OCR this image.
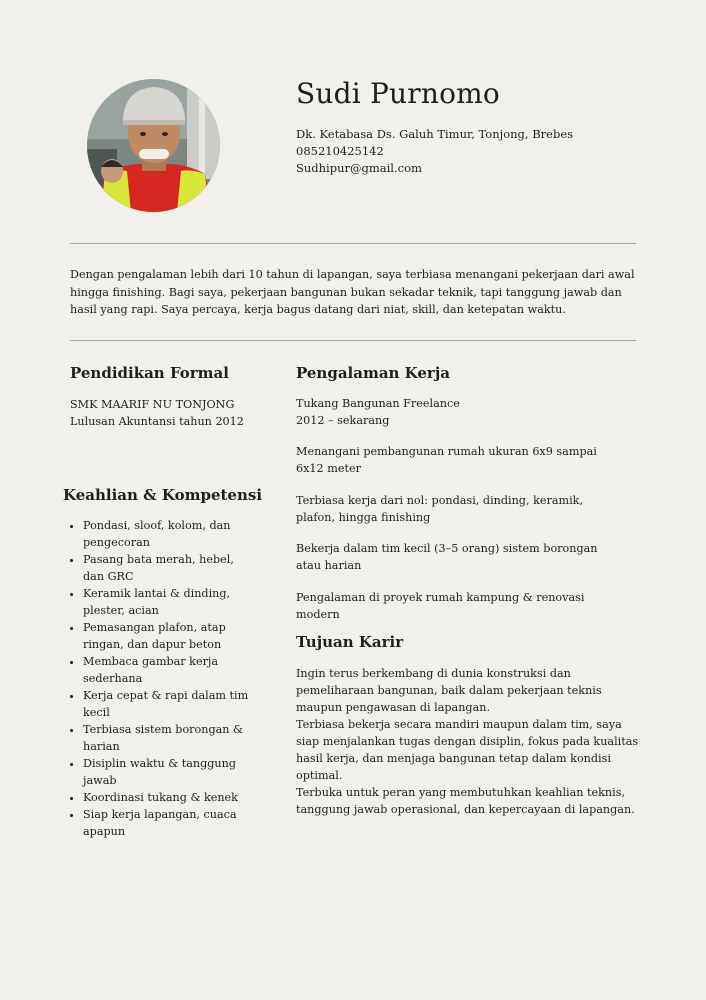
Sudi Purnomo
Dk. Ketabasa Ds. Galuh Timur, Tonjong, Brebes
085210425142
Sudhipur@gmail.com
Dengan pengalaman lebih dari 10 tahun di lapangan, saya terbiasa menangani pekerjaan dari awal hingga finishing. Bagi saya, pekerjaan bangunan bukan sekadar teknik, tapi tanggung jawab dan hasil yang rapi. Saya percaya, kerja bagus datang dari niat, skill, dan ketepatan waktu.
Pendidikan Formal
SMK MAARIF NU TONJONG
Lulusan Akuntansi tahun 2012
Keahlian & Kompetensi
• Pondasi, sloof, kolom, dan pengecoran
• Pasang bata merah, hebel, dan GRC
• Keramik lantai & dinding, plester, acian
• Pemasangan plafon, atap ringan, dan dapur beton
• Membaca gambar kerja sederhana
• Kerja cepat & rapi dalam tim kecil
• Terbiasa sistem borongan & harian
• Disiplin waktu & tanggung jawab
• Koordinasi tukang & kenek
• Siap kerja lapangan, cuaca apapun
Pengalaman Kerja
Tukang Bangunan Freelance
2012 – sekarang

Menangani pembangunan rumah ukuran 6x9 sampai 6x12 meter

Terbiasa kerja dari nol: pondasi, dinding, keramik, plafon, hingga finishing

Bekerja dalam tim kecil (3–5 orang) sistem borongan atau harian

Pengalaman di proyek rumah kampung & renovasi modern

Tujuan Karir

Ingin terus berkembang di dunia konstruksi dan pemeliharaan bangunan, baik dalam pekerjaan teknis maupun pengawasan di lapangan.

Terbiasa bekerja secara mandiri maupun dalam tim, saya siap menjalankan tugas dengan disiplin, fokus pada kualitas hasil kerja, dan menjaga bangunan tetap dalam kondisi optimal.

Terbuka untuk peran yang membutuhkan keahlian teknis, tanggung jawab operasional, dan kepercayaan di lapangan.
